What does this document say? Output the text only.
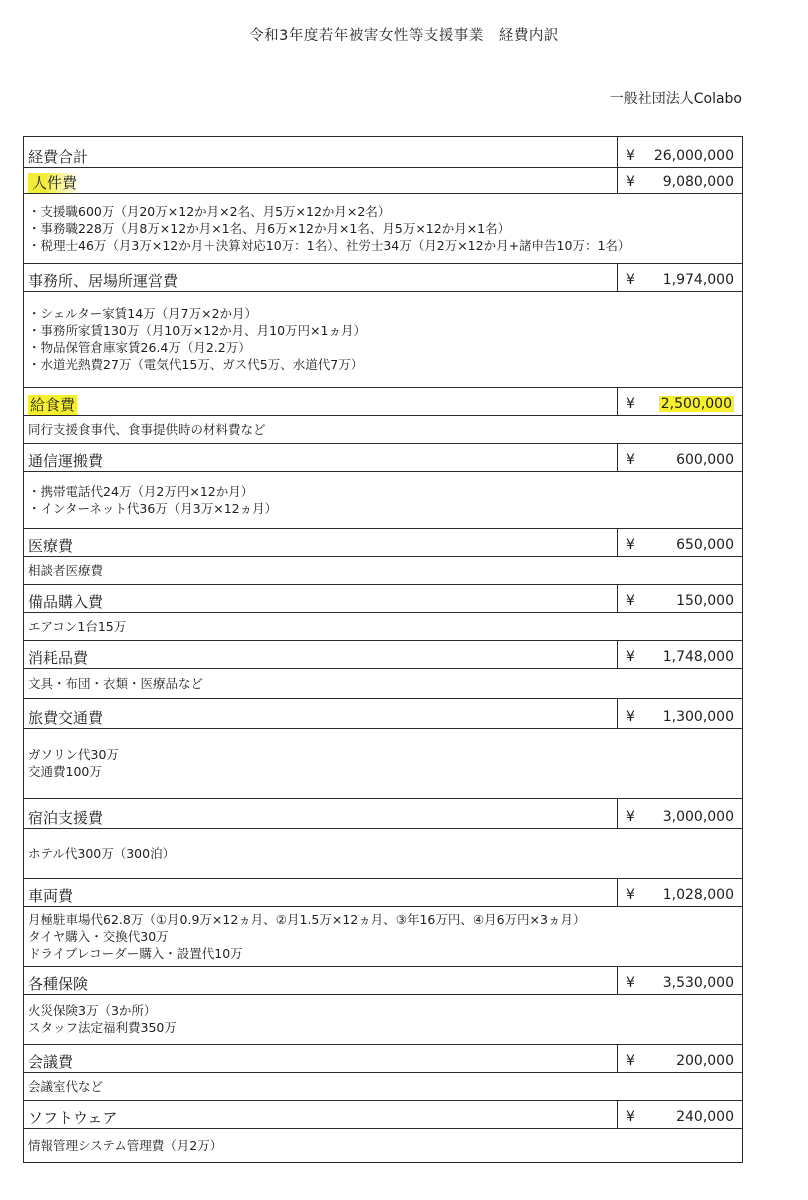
令和3年度若年被害女性等支援事業　経費内訳
一般社団法人Colabo
経費合計	¥	26,000,000
人件費	¥	9,080,000
・支援職600万（月20万×12か月×2名、月5万×12か月×2名）
・事務職228万（月8万×12か月×1名、月6万×12か月×1名、月5万×12か月×1名）
・税理士46万（月3万×12か月＋決算対応10万：1名）、社労士34万（月2万×12か月+諸申告10万：1名）
事務所、居場所運営費	¥	1,974,000
・シェルター家賃14万（月7万×2か月）
・事務所家賃130万（月10万×12か月、月10万円×1ヵ月）
・物品保管倉庫家賃26.4万（月2.2万）
・水道光熱費27万（電気代15万、ガス代5万、水道代7万）
給食費	¥	2,500,000
同行支援食事代、食事提供時の材料費など
通信運搬費	¥	600,000
・携帯電話代24万（月2万円×12か月）
・インターネット代36万（月3万×12ヵ月）
医療費	¥	650,000
相談者医療費
備品購入費	¥	150,000
エアコン1台15万
消耗品費	¥	1,748,000
文具・布団・衣類・医療品など
旅費交通費	¥	1,300,000
ガソリン代30万
交通費100万
宿泊支援費	¥	3,000,000
ホテル代300万（300泊）
車両費	¥	1,028,000
月極駐車場代62.8万（①月0.9万×12ヵ月、②月1.5万×12ヵ月、③年16万円、④月6万円×3ヵ月）
タイヤ購入・交換代30万
ドライブレコーダー購入・設置代10万
各種保険	¥	3,530,000
火災保険3万（3か所）
スタッフ法定福利費350万
会議費	¥	200,000
会議室代など
ソフトウェア	¥	240,000
情報管理システム管理費（月2万）
